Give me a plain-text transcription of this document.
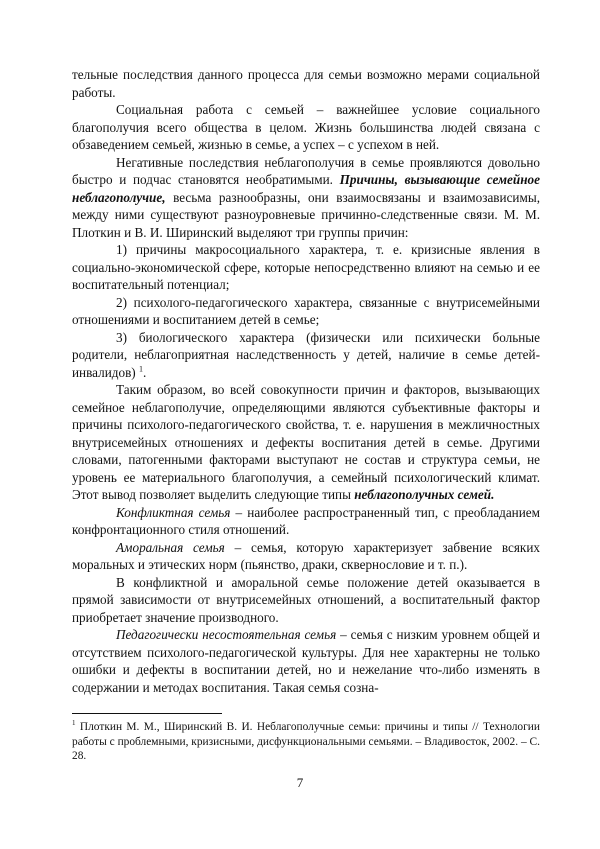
тельные последствия данного процесса для семьи возможно мерами социальной работы.

Социальная работа с семьей – важнейшее условие социального благополучия всего общества в целом. Жизнь большинства людей связана с обзаведением семьей, жизнью в семье, а успех – с успехом в ней.

Негативные последствия неблагополучия в семье проявляются довольно быстро и подчас становятся необратимыми. Причины, вызывающие семейное неблагополучие, весьма разнообразны, они взаимосвязаны и взаимозависимы, между ними существуют разноуровневые причинно-следственные связи. М. М. Плоткин и В. И. Ширинский выделяют три группы причин:

1) причины макросоциального характера, т. е. кризисные явления в социально-экономической сфере, которые непосредственно влияют на семью и ее воспитательный потенциал;

2) психолого-педагогического характера, связанные с внутрисемейными отношениями и воспитанием детей в семье;

3) биологического характера (физически или психически больные родители, неблагоприятная наследственность у детей, наличие в семье детей-инвалидов) $^1$.

Таким образом, во всей совокупности причин и факторов, вызывающих семейное неблагополучие, определяющими являются субъективные факторы и причины психолого-педагогического свойства, т. е. нарушения в межличностных внутрисемейных отношениях и дефекты воспитания детей в семье. Другими словами, патогенными факторами выступают не состав и структура семьи, не уровень ее материального благополучия, а семейный психологический климат. Этот вывод позволяет выделить следующие типы неблагополучных семей.

Конфликтная семья – наиболее распространенный тип, с преобладанием конфронтационного стиля отношений.

Аморальная семья – семья, которую характеризует забвение всяких моральных и этических норм (пьянство, драки, сквернословие и т. п.).

В конфликтной и аморальной семье положение детей оказывается в прямой зависимости от внутрисемейных отношений, а воспитательный фактор приобретает значение производного.

Педагогически несостоятельная семья – семья с низким уровнем общей и отсутствием психолого-педагогической культуры. Для нее характерны не только ошибки и дефекты в воспитании детей, но и нежелание что-либо изменять в содержании и методах воспитания. Такая семья созна-

$^1$ Плоткин М. М., Ширинский В. И. Неблагополучные семьи: причины и типы // Технологии работы с проблемными, кризисными, дисфункциональными семьями. – Владивосток, 2002. – С. 28.
7
